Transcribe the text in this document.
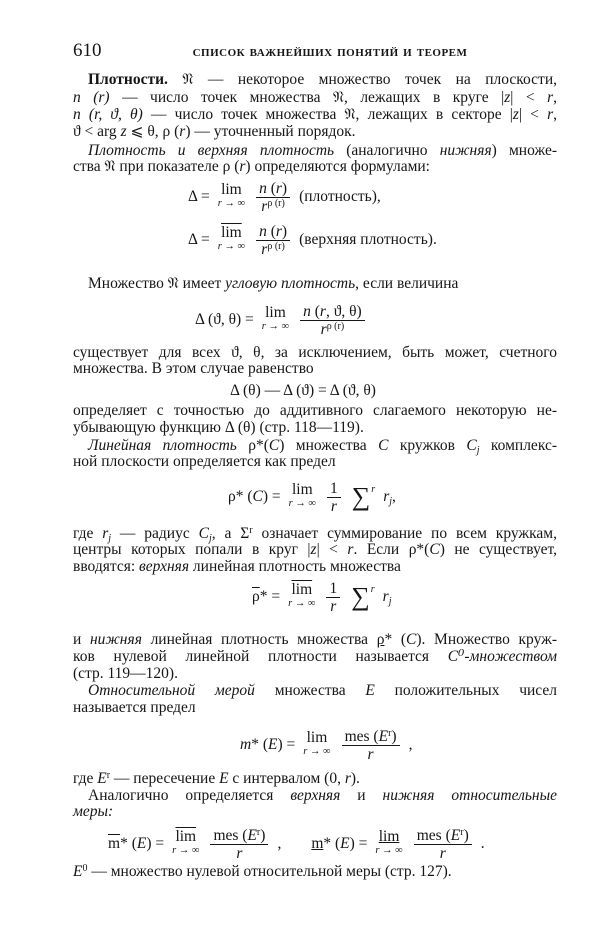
610	список важнейших понятий и теорем
Плотности. 𝔑 — некоторое множество точек на плоскости,
n (r) — число точек множества 𝔑, лежащих в круге |z| < r,
n (r, ϑ, θ) — число точек множества 𝔑, лежащих в секторе |z| < r,
ϑ < arg z ⩽ θ, ρ (r) — уточненный порядок.
Плотность и верхняя плотность (аналогично нижняя) множе-
ства 𝔑 при показателе ρ (r) определяются формулами:
Множество 𝔑 имеет угловую плотность, если величина
существует для всех ϑ, θ, за исключением, быть может, счетного
множества. В этом случае равенство
определяет с точностью до аддитивного слагаемого некоторую не-
убывающую функцию Δ (θ) (стр. 118—119).
Линейная плотность ρ*(C) множества C кружков $C_j$ комплекс-
ной плоскости определяется как предел
где $r_j$ — радиус $C_j$, а $\Sigma^r$ означает суммирование по всем кружкам,
центры которых попали в круг |z| < r. Если ρ*(C) не существует,
вводятся: верхняя линейная плотность множества
и нижняя линейная плотность множества ρ* (C). Множество круж-
ков нулевой линейной плотности называется C⁰-множеством
(стр. 119—120).
Относительной мерой множества E положительных чисел
называется предел
где $E^r$ — пересечение E с интервалом (0, r).
Аналогично определяется верхняя и нижняя относительные
меры:
$E^0$ — множество нулевой относительной меры (стр. 127).
Δ = lim
r → ∞ $\frac{n (r)}{r^{\rho (r)}}$ (плотность),
$\Delta = \overline{lim}$
r → ∞ $\frac{n (r)}{r^{\rho (r)}}$ (верхняя плотность).
Δ (ϑ, θ) = lim
r → ∞ $\frac{n (r, ϑ, \theta)}{r^{\rho (r)}}$
Δ (θ) — Δ (ϑ) = Δ (ϑ, θ)
ρ* (C) = lim
r → ∞ $\frac{1}{r}$ ∑ r $r_j$,
$\overline{\rho}* = \overline{lim}$
r → ∞ $\frac{1}{r}$ ∑ r $r_j$
m* (E) = lim
r → ∞ $\frac{mes (E^r)}{r}$ ,
$\overline{m}*$ $(E) = \overline{lim}$
r → ∞ $\frac{mes (E^r)}{r}$ , m* (E) = lim
r → ∞ $\frac{mes (E^r)}{r}$ .
